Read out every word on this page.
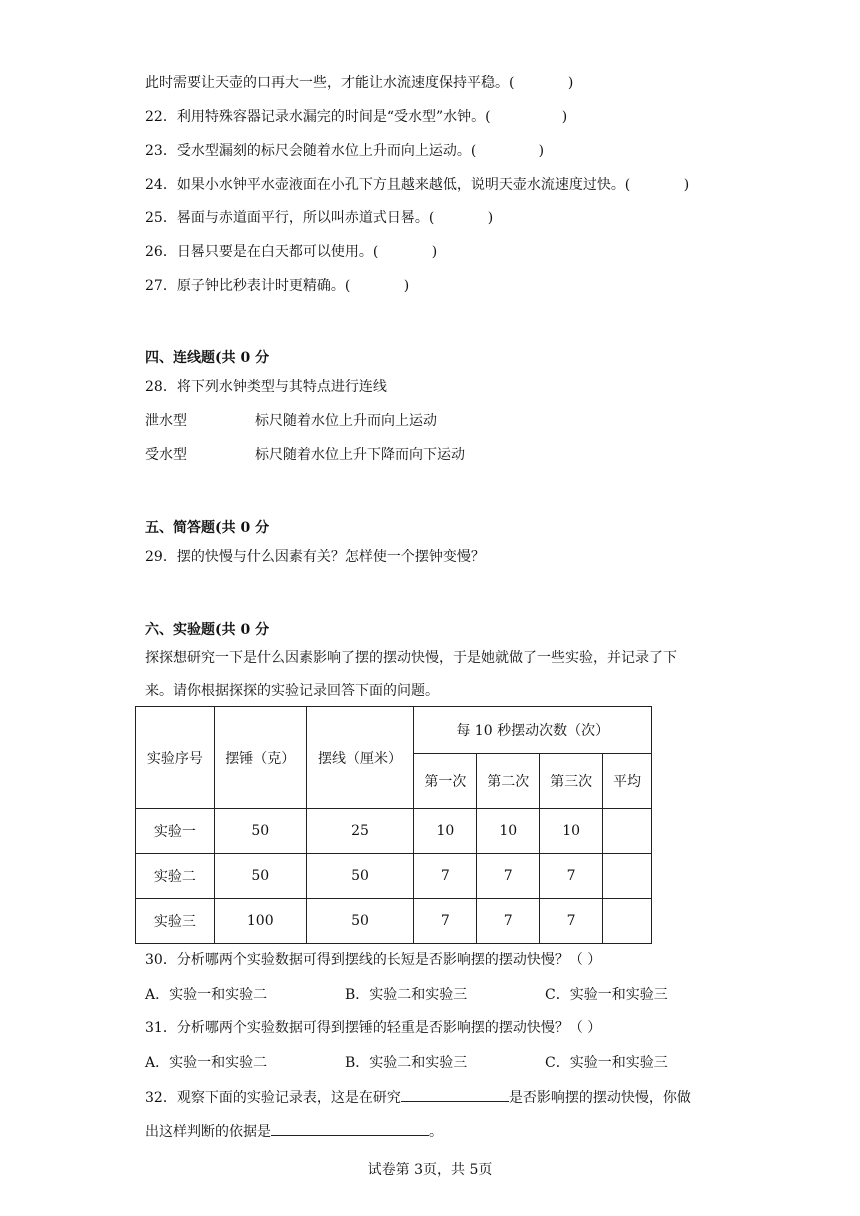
此时需要让天壶的口再大一些，才能让水流速度保持平稳。(	)
22．利用特殊容器记录水漏完的时间是“受水型”水钟。(	)
23．受水型漏刻的标尺会随着水位上升而向上运动。(	)
24．如果小水钟平水壶液面在小孔下方且越来越低，说明天壶水流速度过快。(	)
25．晷面与赤道面平行，所以叫赤道式日晷。(	)
26．日晷只要是在白天都可以使用。(	)
27．原子钟比秒表计时更精确。(	)
四、连线题(共 0 分
28．将下列水钟类型与其特点进行连线
泄水型	标尺随着水位上升而向上运动
受水型	标尺随着水位上升下降而向下运动
五、简答题(共 0 分
29．摆的快慢与什么因素有关？怎样使一个摆钟变慢？
六、实验题(共 0 分
探探想研究一下是什么因素影响了摆的摆动快慢，于是她就做了一些实验，并记录了下
来。请你根据探探的实验记录回答下面的问题。
实验序号	摆锤（克）	摆线（厘米）	每 10 秒摆动次数（次）			
			第一次	第二次	第三次	平均
实验一	50	25	10	10	10	
实验二	50	50	7	7	7	
实验三	100	50	7	7	7	
30．分析哪两个实验数据可得到摆线的长短是否影响摆的摆动快慢？（ ）
A．实验一和实验二	B．实验二和实验三	C．实验一和实验三
31．分析哪两个实验数据可得到摆锤的轻重是否影响摆的摆动快慢？（ ）
A．实验一和实验二	B．实验二和实验三	C．实验一和实验三
32．观察下面的实验记录表，这是在研究	是否影响摆的摆动快慢，你做
出这样判断的依据是	。
试卷第 3页，共 5页
